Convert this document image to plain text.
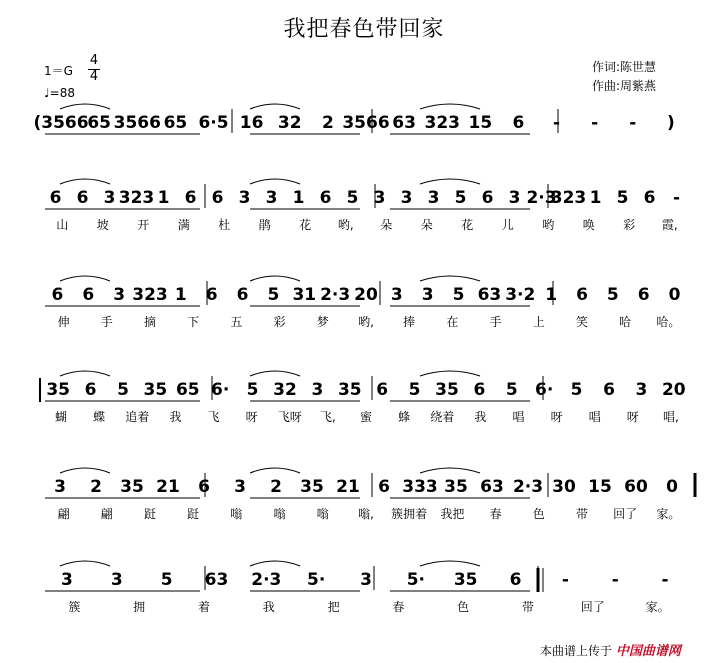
我把春色带回家
$1=G \frac{4}{4}$
♩=88
作词:陈世慧
作曲:周紫燕
(3566
65 3566 65 6·5 16 32 2 3566 63 323 15 6 - - - )
6 6 3 323 1 6 6 3 3 1 6 5 3 3 3 5 6 3 2·3
323 1 5 6 -
山 坡 开 满 杜 鹃 花 哟, 朵 朵 花 儿 哟 唤 彩 霞,
6 6 3 323 1 6 6 5 31 2·3 20 3 3 5 63 3·2 1 6 5 6 0
伸	手	摘	下	五	彩	梦 哟, 捧	在	手	上	笑	哈 哈。
35 6 5 35 65 6· 5 32 3 35 6 5 35 6 5 6· 5 6 3 20
蝴 蝶 追着 我 飞 呀 飞呀 飞, 蜜 蜂 绕着 我 唱 呀 唱 呀 唱,
3 2 35 21 6 3 2 35 21 6 333 35 63 2·3 30 15 60 0
翩	翩	跹	跹	嗡	嗡	嗡 嗡, 簇拥着 我把 春	色	带 回了 家。
3 3 5 63 2·3 5· 3 5· 35 6 -	-	-
簇	拥	着	我	把	春	色	带	回了	家。
本曲谱上传于 中国曲谱网
